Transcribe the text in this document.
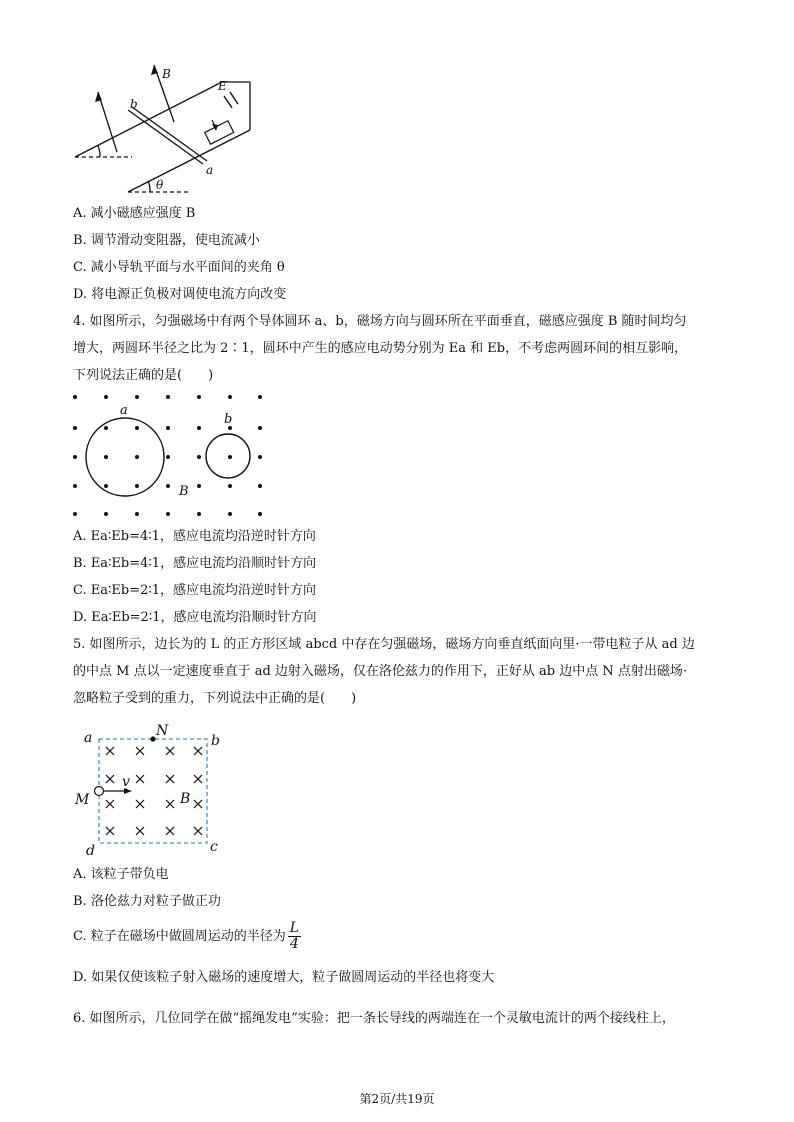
B
E
b
a
θ
A. 减小磁感应强度 B
B. 调节滑动变阻器，使电流减小
C. 减小导轨平面与水平面间的夹角 θ
D. 将电源正负极对调使电流方向改变
4. 如图所示，匀强磁场中有两个导体圆环 a、b，磁场方向与圆环所在平面垂直，磁感应强度 B 随时间均匀
增大，两圆环半径之比为 2∶1，圆环中产生的感应电动势分别为 Ea 和 Eb，不考虑两圆环间的相互影响，
下列说法正确的是(　　)
a
b
B
A. Ea∶Eb=4∶1，感应电流均沿逆时针方向
B. Ea∶Eb=4∶1，感应电流均沿顺时针方向
C. Ea∶Eb=2∶1，感应电流均沿逆时针方向
D. Ea∶Eb=2∶1，感应电流均沿顺时针方向
5. 如图所示，边长为的 L 的正方形区域 abcd 中存在匀强磁场，磁场方向垂直纸面向里·一带电粒子从 ad 边
的中点 M 点以一定速度垂直于 ad 边射入磁场，仅在洛伦兹力的作用下，正好从 ab 边中点 N 点射出磁场·
忽略粒子受到的重力，下列说法中正确的是(　　)
a	b
c
d
M
N
v
B
A. 该粒子带负电
B. 洛伦兹力对粒子做正功
C. 粒子在磁场中做圆周运动的半径为 $\frac{L}{4}$
D. 如果仅使该粒子射入磁场的速度增大，粒子做圆周运动的半径也将变大
6. 如图所示，几位同学在做“摇绳发电”实验：把一条长导线的两端连在一个灵敏电流计的两个接线柱上，
第2页/共19页
